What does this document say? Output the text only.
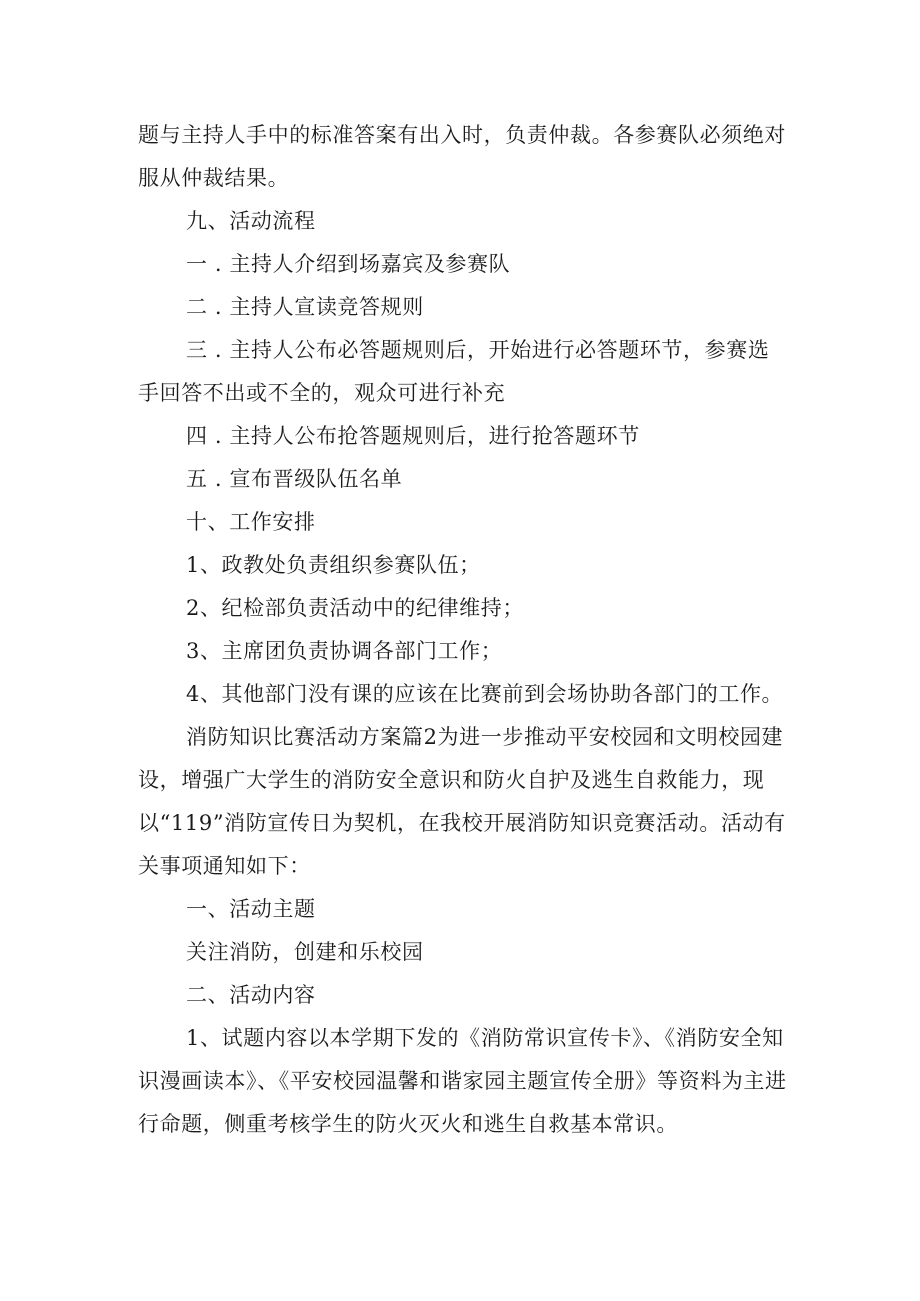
题与主持人手中的标准答案有出入时，负责仲裁。各参赛队必须绝对服从仲裁结果。

九、活动流程

一 . 主持人介绍到场嘉宾及参赛队

二 . 主持人宣读竞答规则

三 . 主持人公布必答题规则后，开始进行必答题环节，参赛选手回答不出或不全的，观众可进行补充

四 . 主持人公布抢答题规则后，进行抢答题环节

五 . 宣布晋级队伍名单

十、工作安排

1、政教处负责组织参赛队伍；

2、纪检部负责活动中的纪律维持；

3、主席团负责协调各部门工作；

4、其他部门没有课的应该在比赛前到会场协助各部门的工作。

消防知识比赛活动方案篇2为进一步推动平安校园和文明校园建设，增强广大学生的消防安全意识和防火自护及逃生自救能力，现以“119”消防宣传日为契机，在我校开展消防知识竞赛活动。活动有关事项通知如下：

一、活动主题

关注消防，创建和乐校园

二、活动内容

1、试题内容以本学期下发的《消防常识宣传卡》、《消防安全知识漫画读本》、《平安校园温馨和谐家园主题宣传全册》等资料为主进行命题，侧重考核学生的防火灭火和逃生自救基本常识。
